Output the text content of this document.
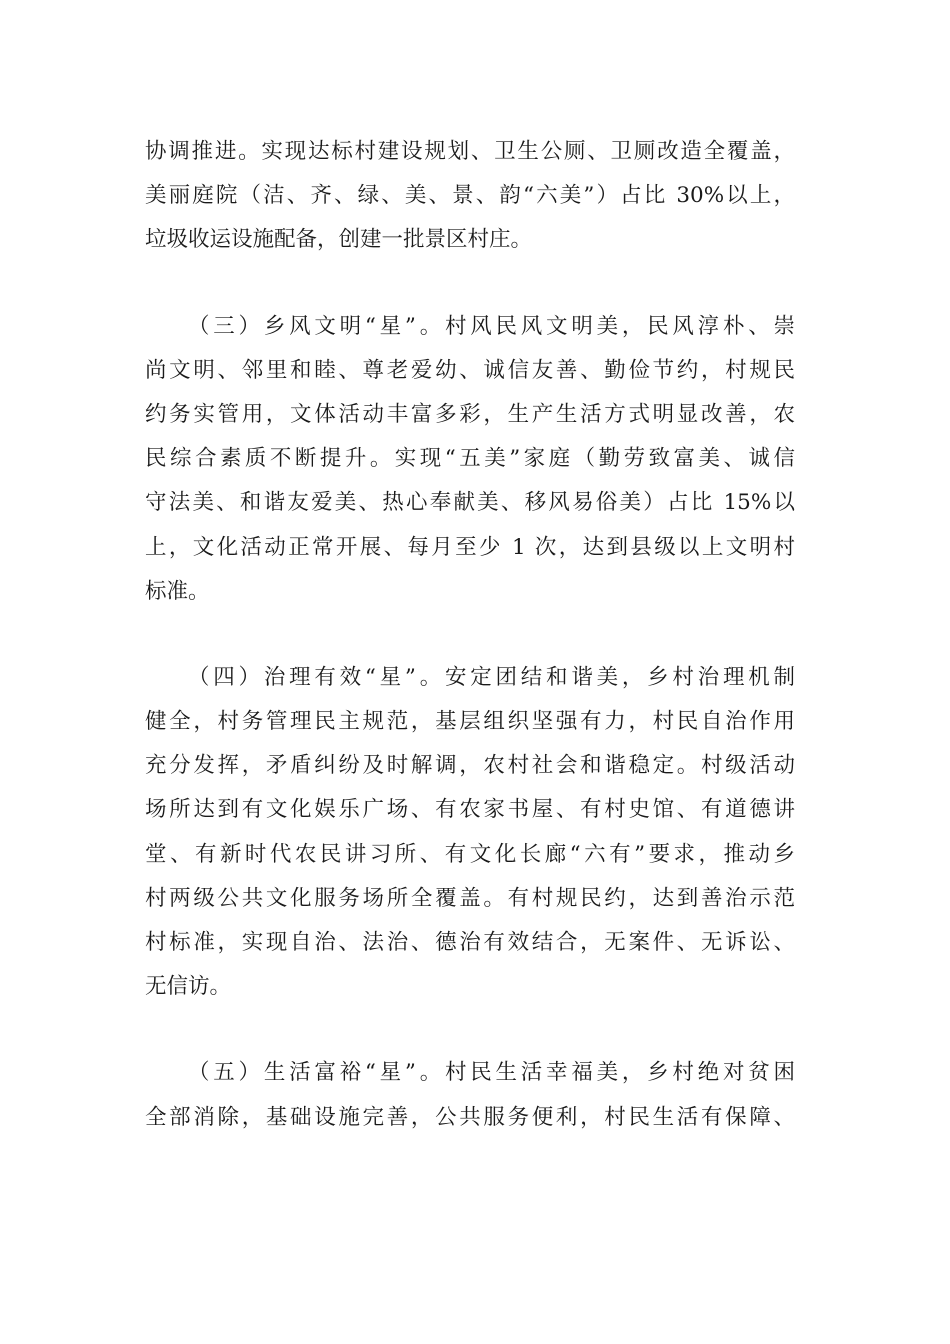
协调推进。实现达标村建设规划、卫生公厕、卫厕改造全覆盖，
美丽庭院（洁、齐、绿、美、景、韵“六美”）占比 30%以上，
垃圾收运设施配备，创建一批景区村庄。
（三）乡风文明“星”。村风民风文明美，民风淳朴、崇
尚文明、邻里和睦、尊老爱幼、诚信友善、勤俭节约，村规民
约务实管用，文体活动丰富多彩，生产生活方式明显改善，农
民综合素质不断提升。实现“五美”家庭（勤劳致富美、诚信
守法美、和谐友爱美、热心奉献美、移风易俗美）占比 15%以
上，文化活动正常开展、每月至少 1 次，达到县级以上文明村
标准。
（四）治理有效“星”。安定团结和谐美，乡村治理机制
健全，村务管理民主规范，基层组织坚强有力，村民自治作用
充分发挥，矛盾纠纷及时解调，农村社会和谐稳定。村级活动
场所达到有文化娱乐广场、有农家书屋、有村史馆、有道德讲
堂、有新时代农民讲习所、有文化长廊“六有”要求，推动乡
村两级公共文化服务场所全覆盖。有村规民约，达到善治示范
村标准，实现自治、法治、德治有效结合，无案件、无诉讼、
无信访。
（五）生活富裕“星”。村民生活幸福美，乡村绝对贫困
全部消除，基础设施完善，公共服务便利，村民生活有保障、
